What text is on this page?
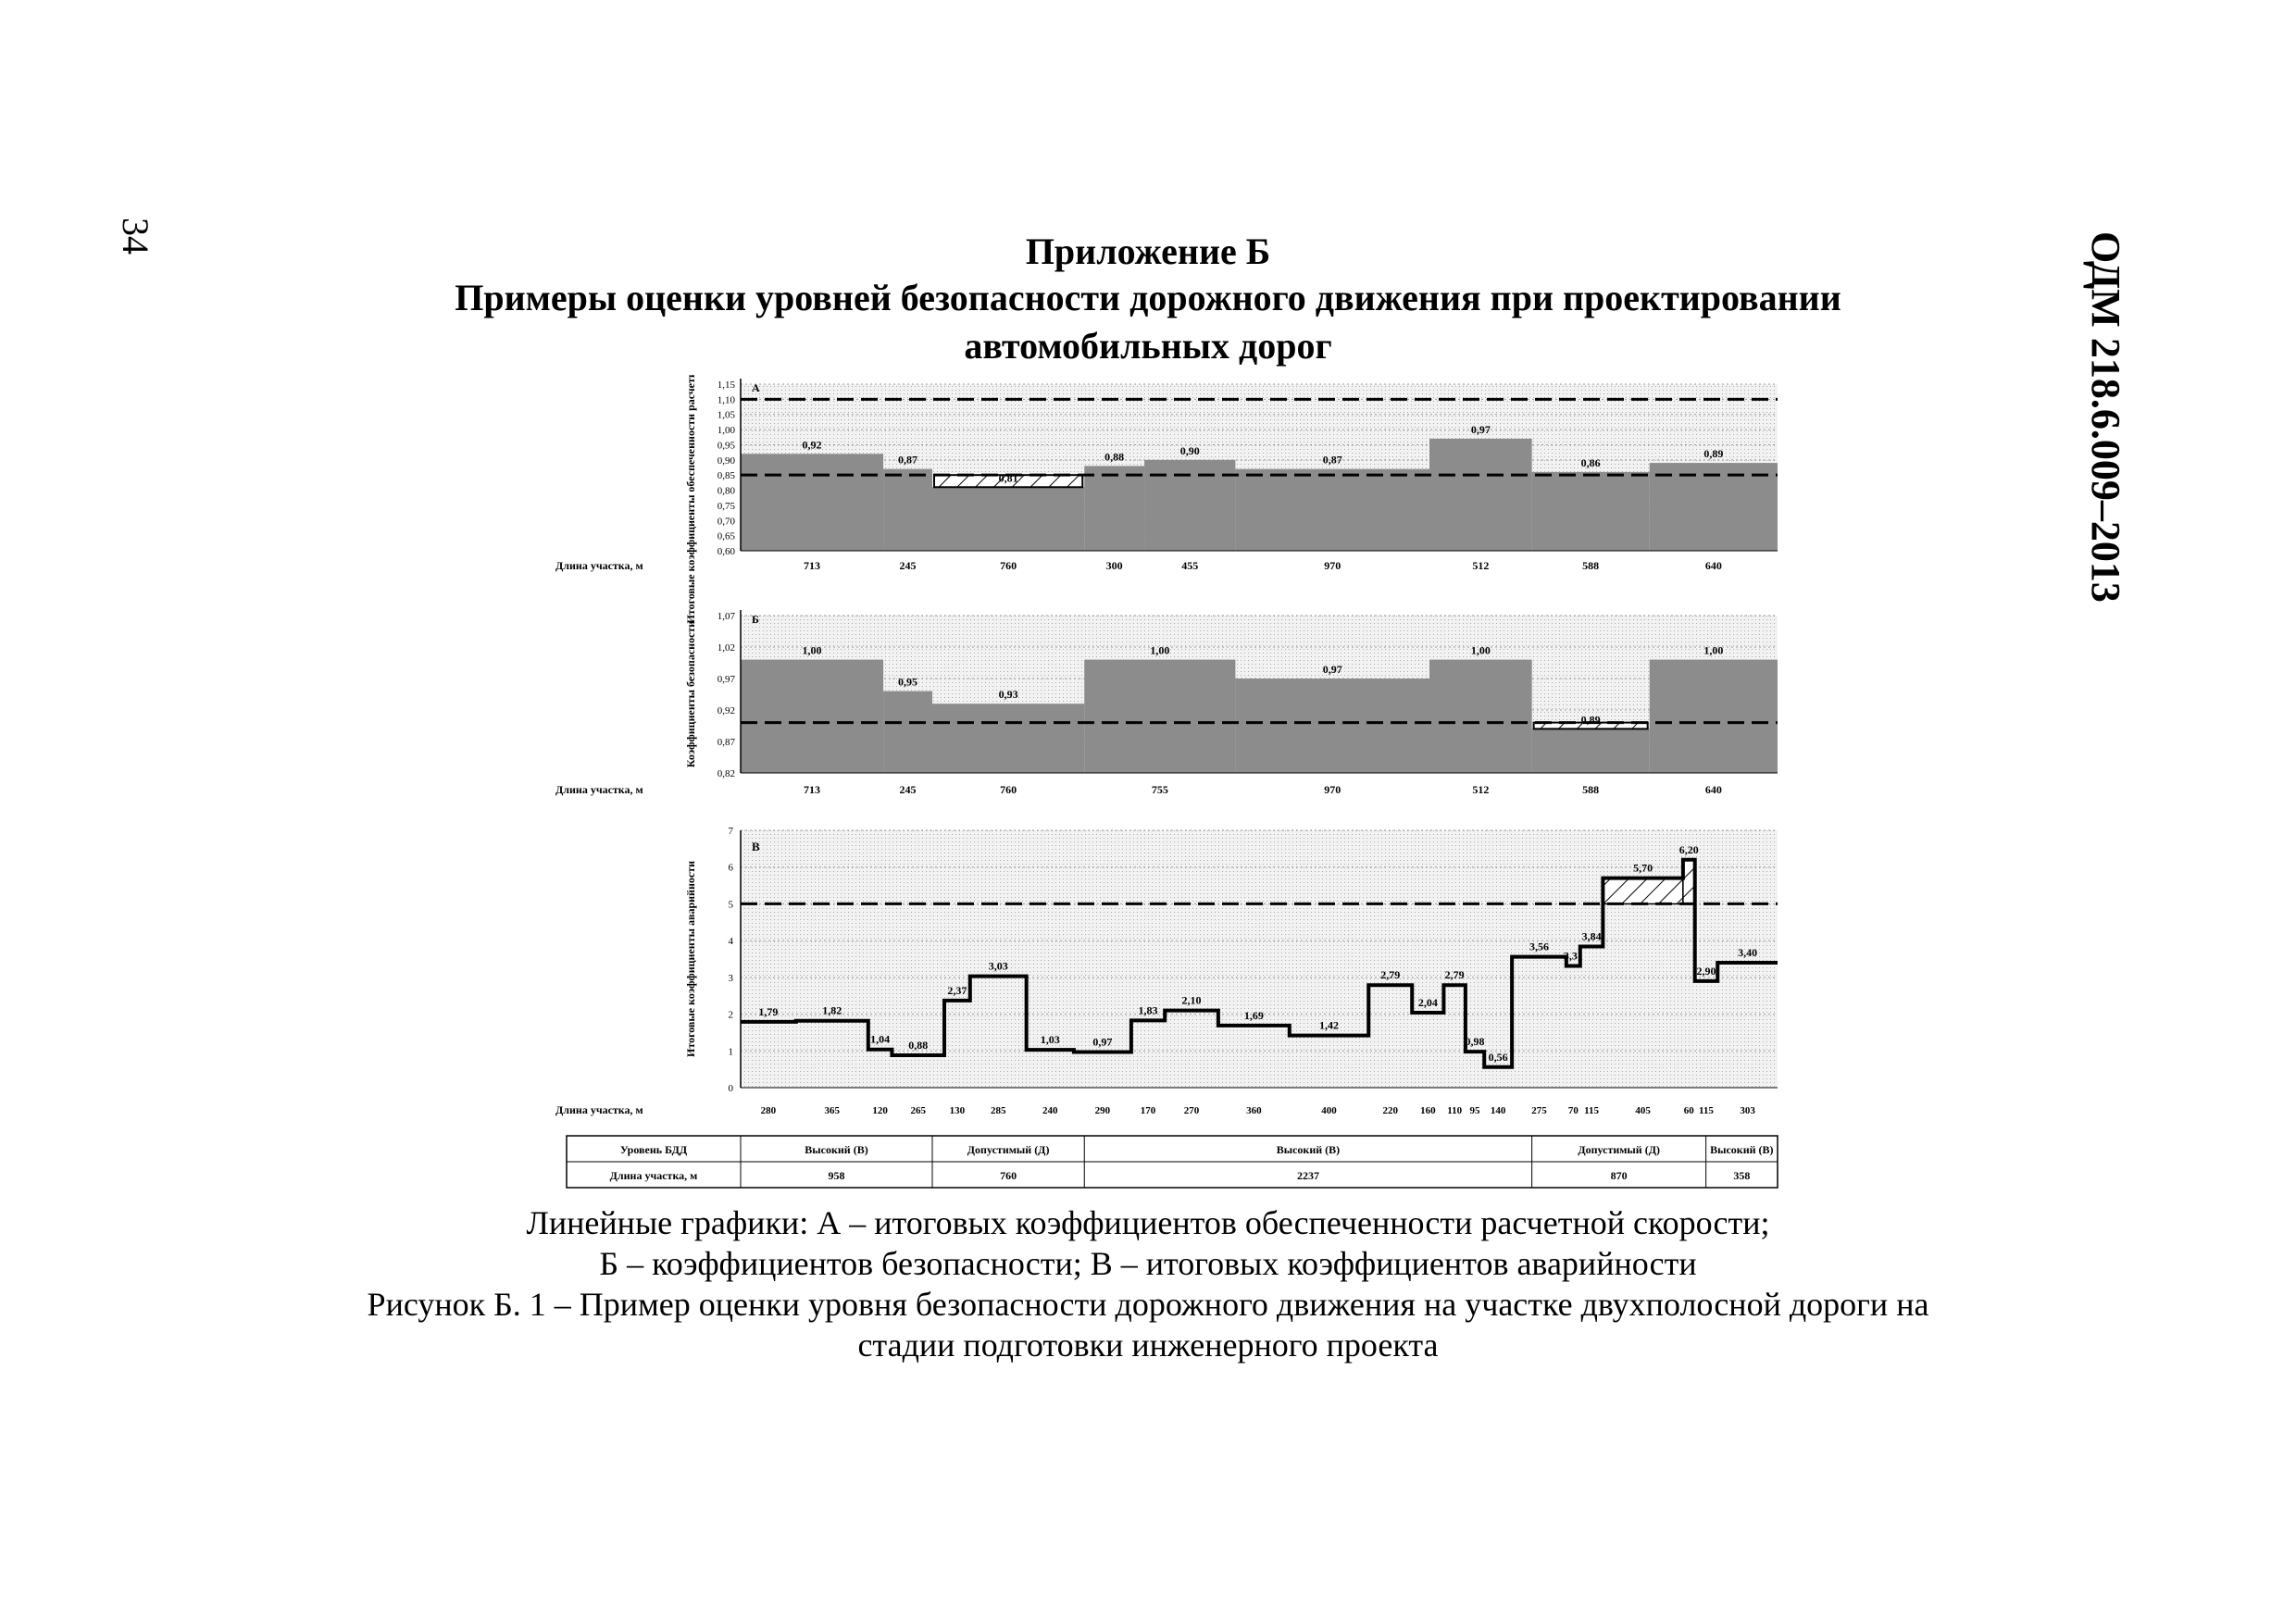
34	ОДМ 218.6.009–2013
Приложение Б
Примеры оценки уровней безопасности дорожного движения при проектировании
автомобильных дорог
1,15
1,10
1,05
1,00
0,95
0,90
0,85
0,80
0,75
0,70
0,65
0,60
0,92
713
0,87
245
0,81
760
0,88
300
0,90
455
0,87
970
0,97
512
0,86
588
0,89
640
А
Длина участка, м	Итоговые коэффициенты обеспеченности расчетной скорости 1,07
1,02
0,97
0,92
0,87
0,82
1,00
713
0,95
245
0,93
760
1,00
755
0,97
970
1,00
512
0,89
588
1,00
640
Б
Длина участка, м
Коэффициенты безопасности
7
6
5
4
3
2
1
0
1,79
280
1,82
365
1,04
120
0,88
265
2,37
130
3,03
285
1,03
240
0,97
290
1,83
170
2,10
270
1,69
360
1,42
400
2,79
220
2,04
160
2,79
110
0,98
95
0,56
140
3,56
275
3,31
70
3,84
115
5,70
405
6,20
60
2,90
115
3,40
303
В
Длина участка, м
Итоговые коэффициенты аварийности
Уровень БДД
Длина участка, м
Высокий (В)
958
Допустимый (Д)
760
Высокий (В)
2237
Допустимый (Д)
870
Высокий (В)
358
Линейные графики: А – итоговых коэффициентов обеспеченности расчетной скорости;
Б – коэффициентов безопасности; В – итоговых коэффициентов аварийности
Рисунок Б. 1 – Пример оценки уровня безопасности дорожного движения на участке двухполосной дороги на
стадии подготовки инженерного проекта
